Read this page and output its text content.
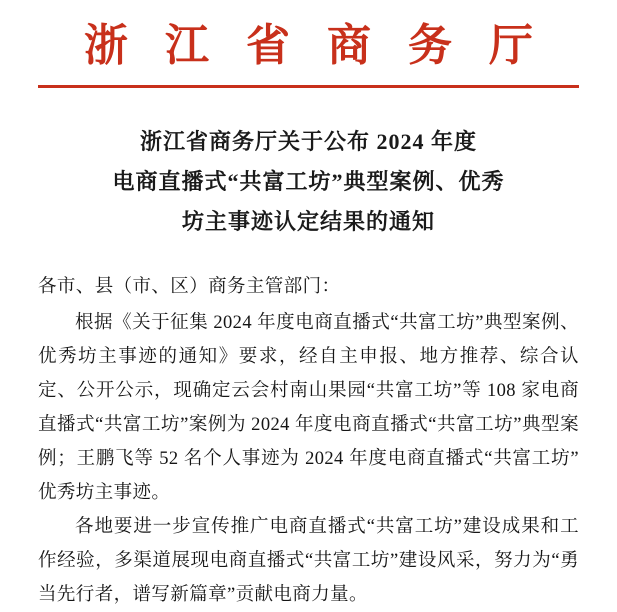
浙 江 省 商 务 厅
浙江省商务厅关于公布 2024 年度
电商直播式“共富工坊”典型案例、优秀
坊主事迹认定结果的通知

各市、县（市、区）商务主管部门：

根据《关于征集 2024 年度电商直播式“共富工坊”典型案例、优秀坊主事迹的通知》要求，经自主申报、地方推荐、综合认定、公开公示，现确定云会村南山果园“共富工坊”等 108 家电商直播式“共富工坊”案例为 2024 年度电商直播式“共富工坊”典型案例；王鹏飞等 52 名个人事迹为 2024 年度电商直播式“共富工坊”优秀坊主事迹。

各地要进一步宣传推广电商直播式“共富工坊”建设成果和工作经验，多渠道展现电商直播式“共富工坊”建设风采，努力为“勇当先行者，谱写新篇章”贡献电商力量。
